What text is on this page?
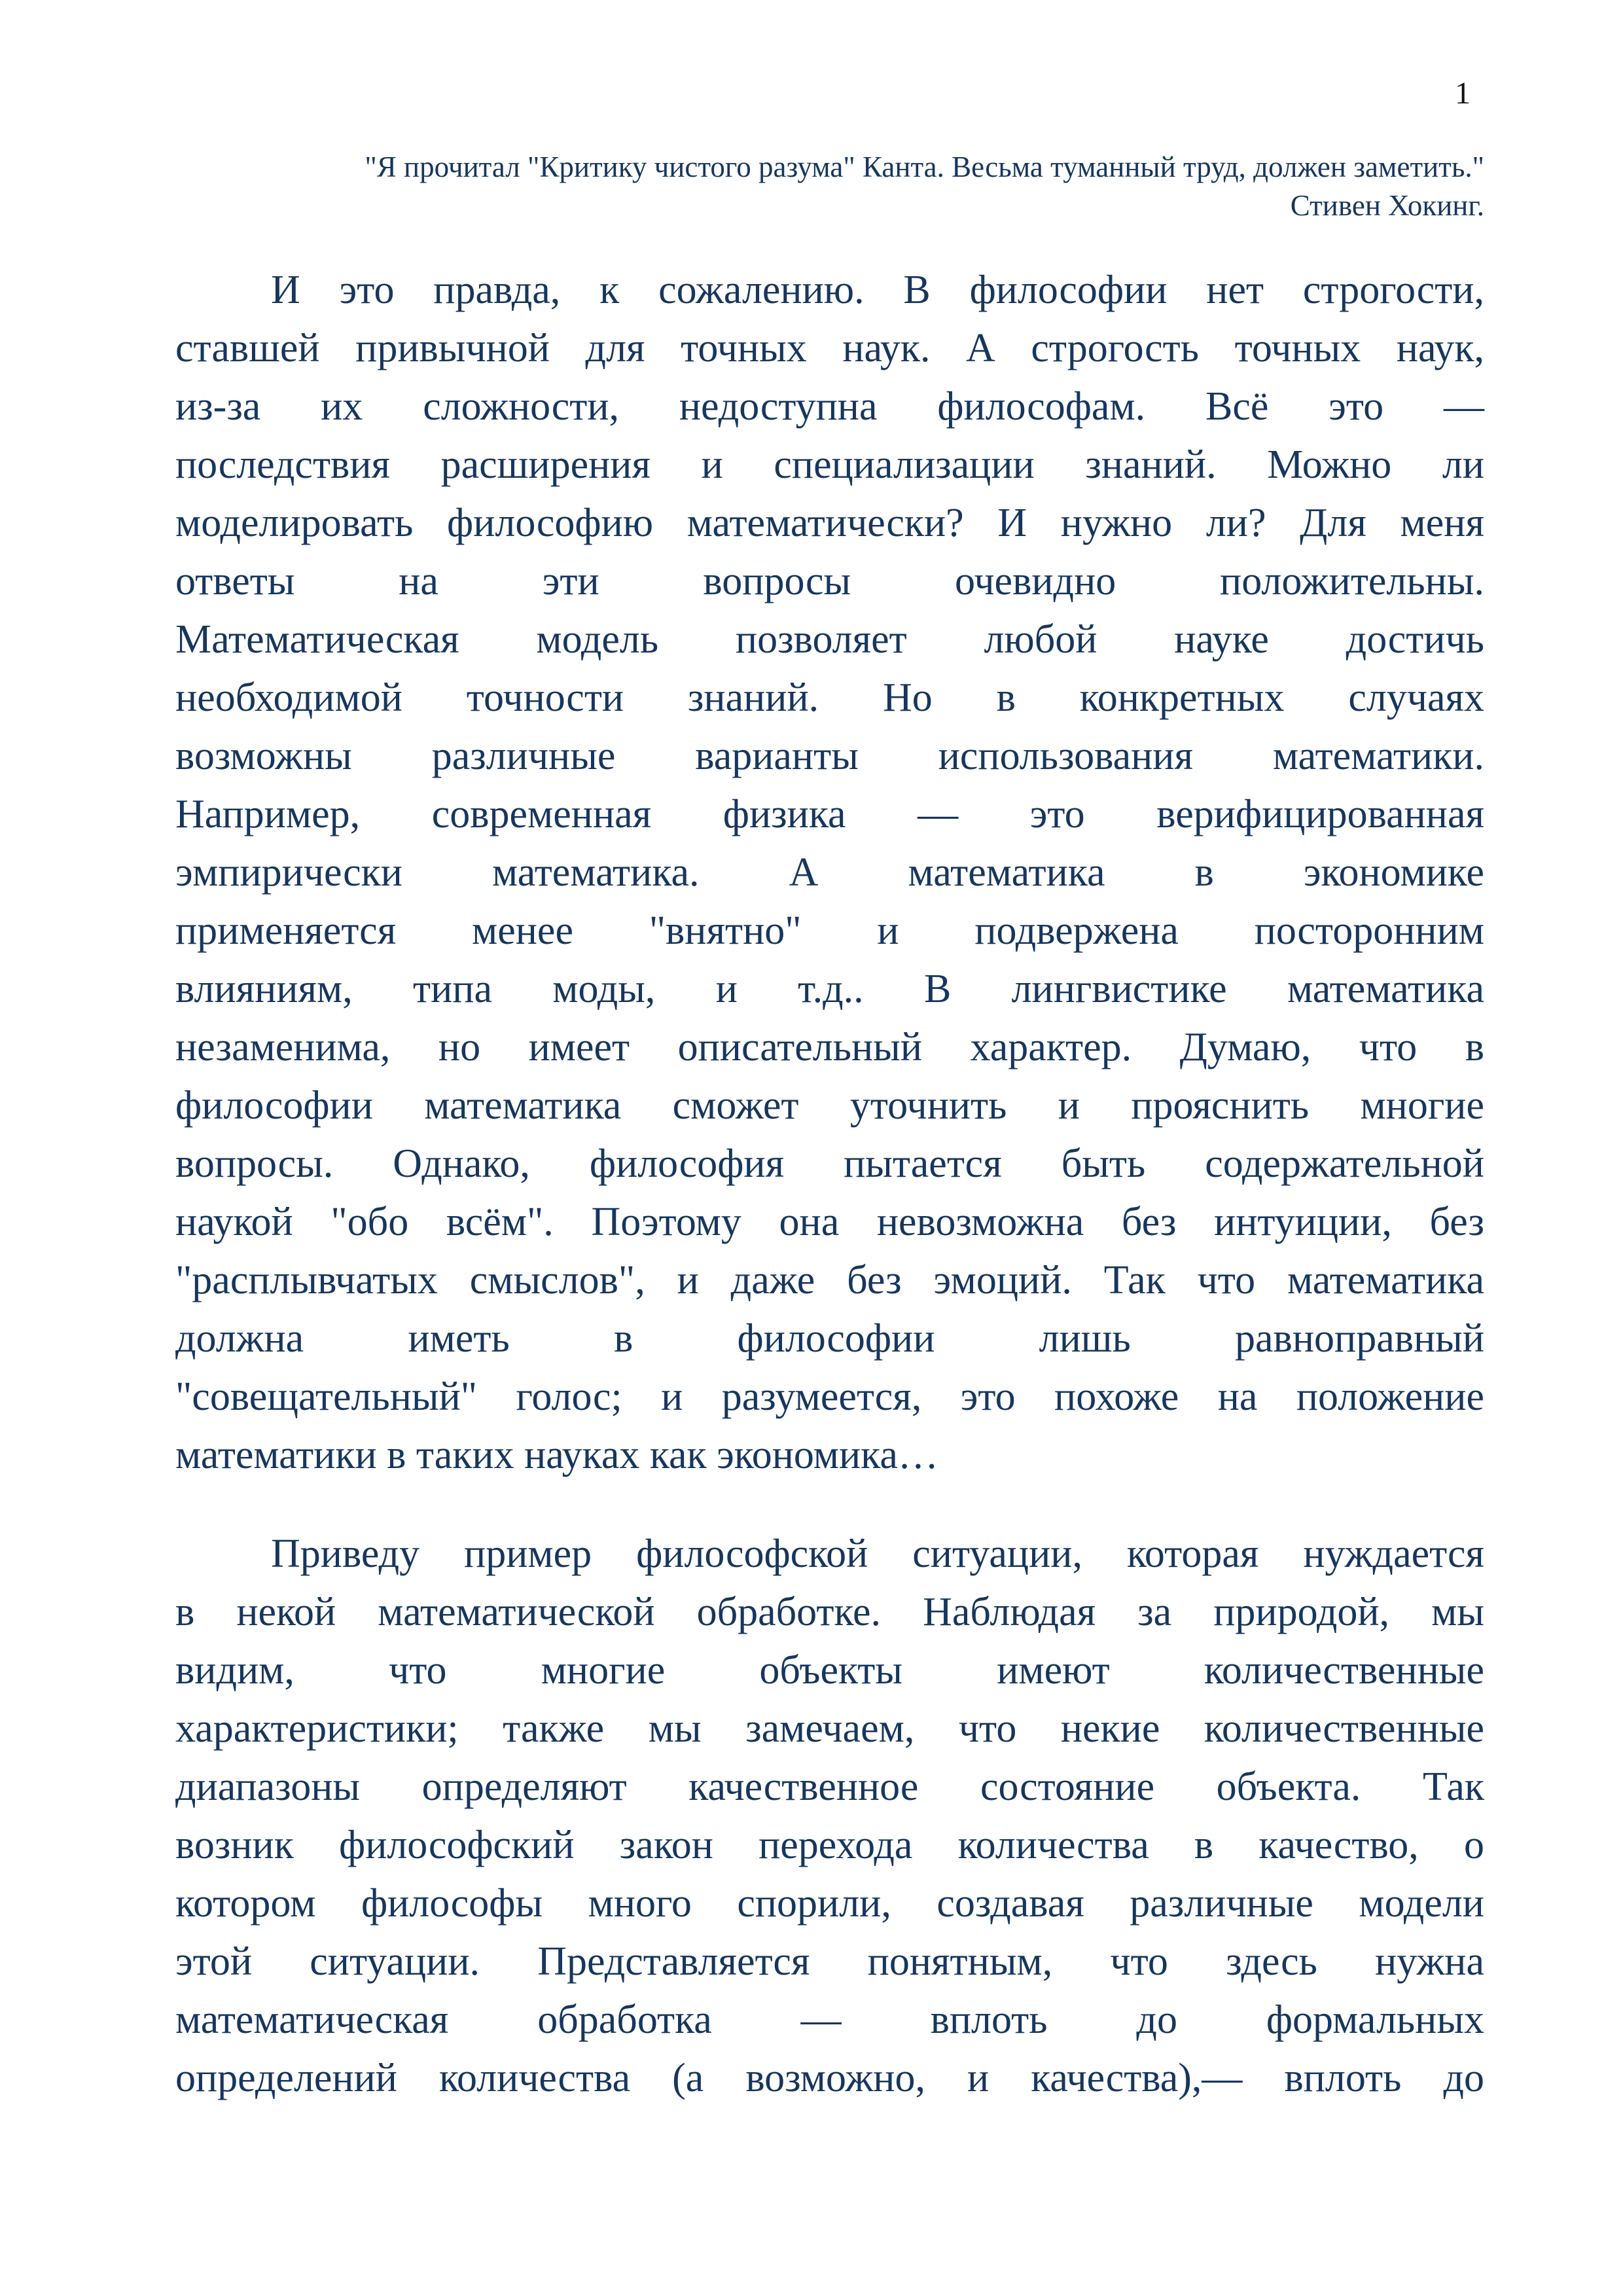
1
"Я прочитал "Критику чистого разума" Канта. Весьма туманный труд, должен заметить."
Стивен Хокинг.
И это правда, к сожалению. В философии нет строгости,
ставшей привычной для точных наук. А строгость точных наук,
из-за их сложности, недоступна философам. Всё это —
последствия расширения и специализации знаний. Можно ли
моделировать философию математически? И нужно ли? Для меня
ответы на эти вопросы очевидно положительны.
Математическая модель позволяет любой науке достичь
необходимой точности знаний. Но в конкретных случаях
возможны различные варианты использования математики.
Например, современная физика — это верифицированная
эмпирически математика. А математика в экономике
применяется менее "внятно" и подвержена посторонним
влияниям, типа моды, и т.д.. В лингвистике математика
незаменима, но имеет описательный характер. Думаю, что в
философии математика сможет уточнить и прояснить многие
вопросы. Однако, философия пытается быть содержательной
наукой "обо всём". Поэтому она невозможна без интуиции, без
"расплывчатых смыслов", и даже без эмоций. Так что математика
должна иметь в философии лишь равноправный
"совещательный" голос; и разумеется, это похоже на положение
математики в таких науках как экономика…
Приведу пример философской ситуации, которая нуждается
в некой математической обработке. Наблюдая за природой, мы
видим, что многие объекты имеют количественные
характеристики; также мы замечаем, что некие количественные
диапазоны определяют качественное состояние объекта. Так
возник философский закон перехода количества в качество, о
котором философы много спорили, создавая различные модели
этой ситуации. Представляется понятным, что здесь нужна
математическая обработка — вплоть до формальных
определений количества (а возможно, и качества),— вплоть до
